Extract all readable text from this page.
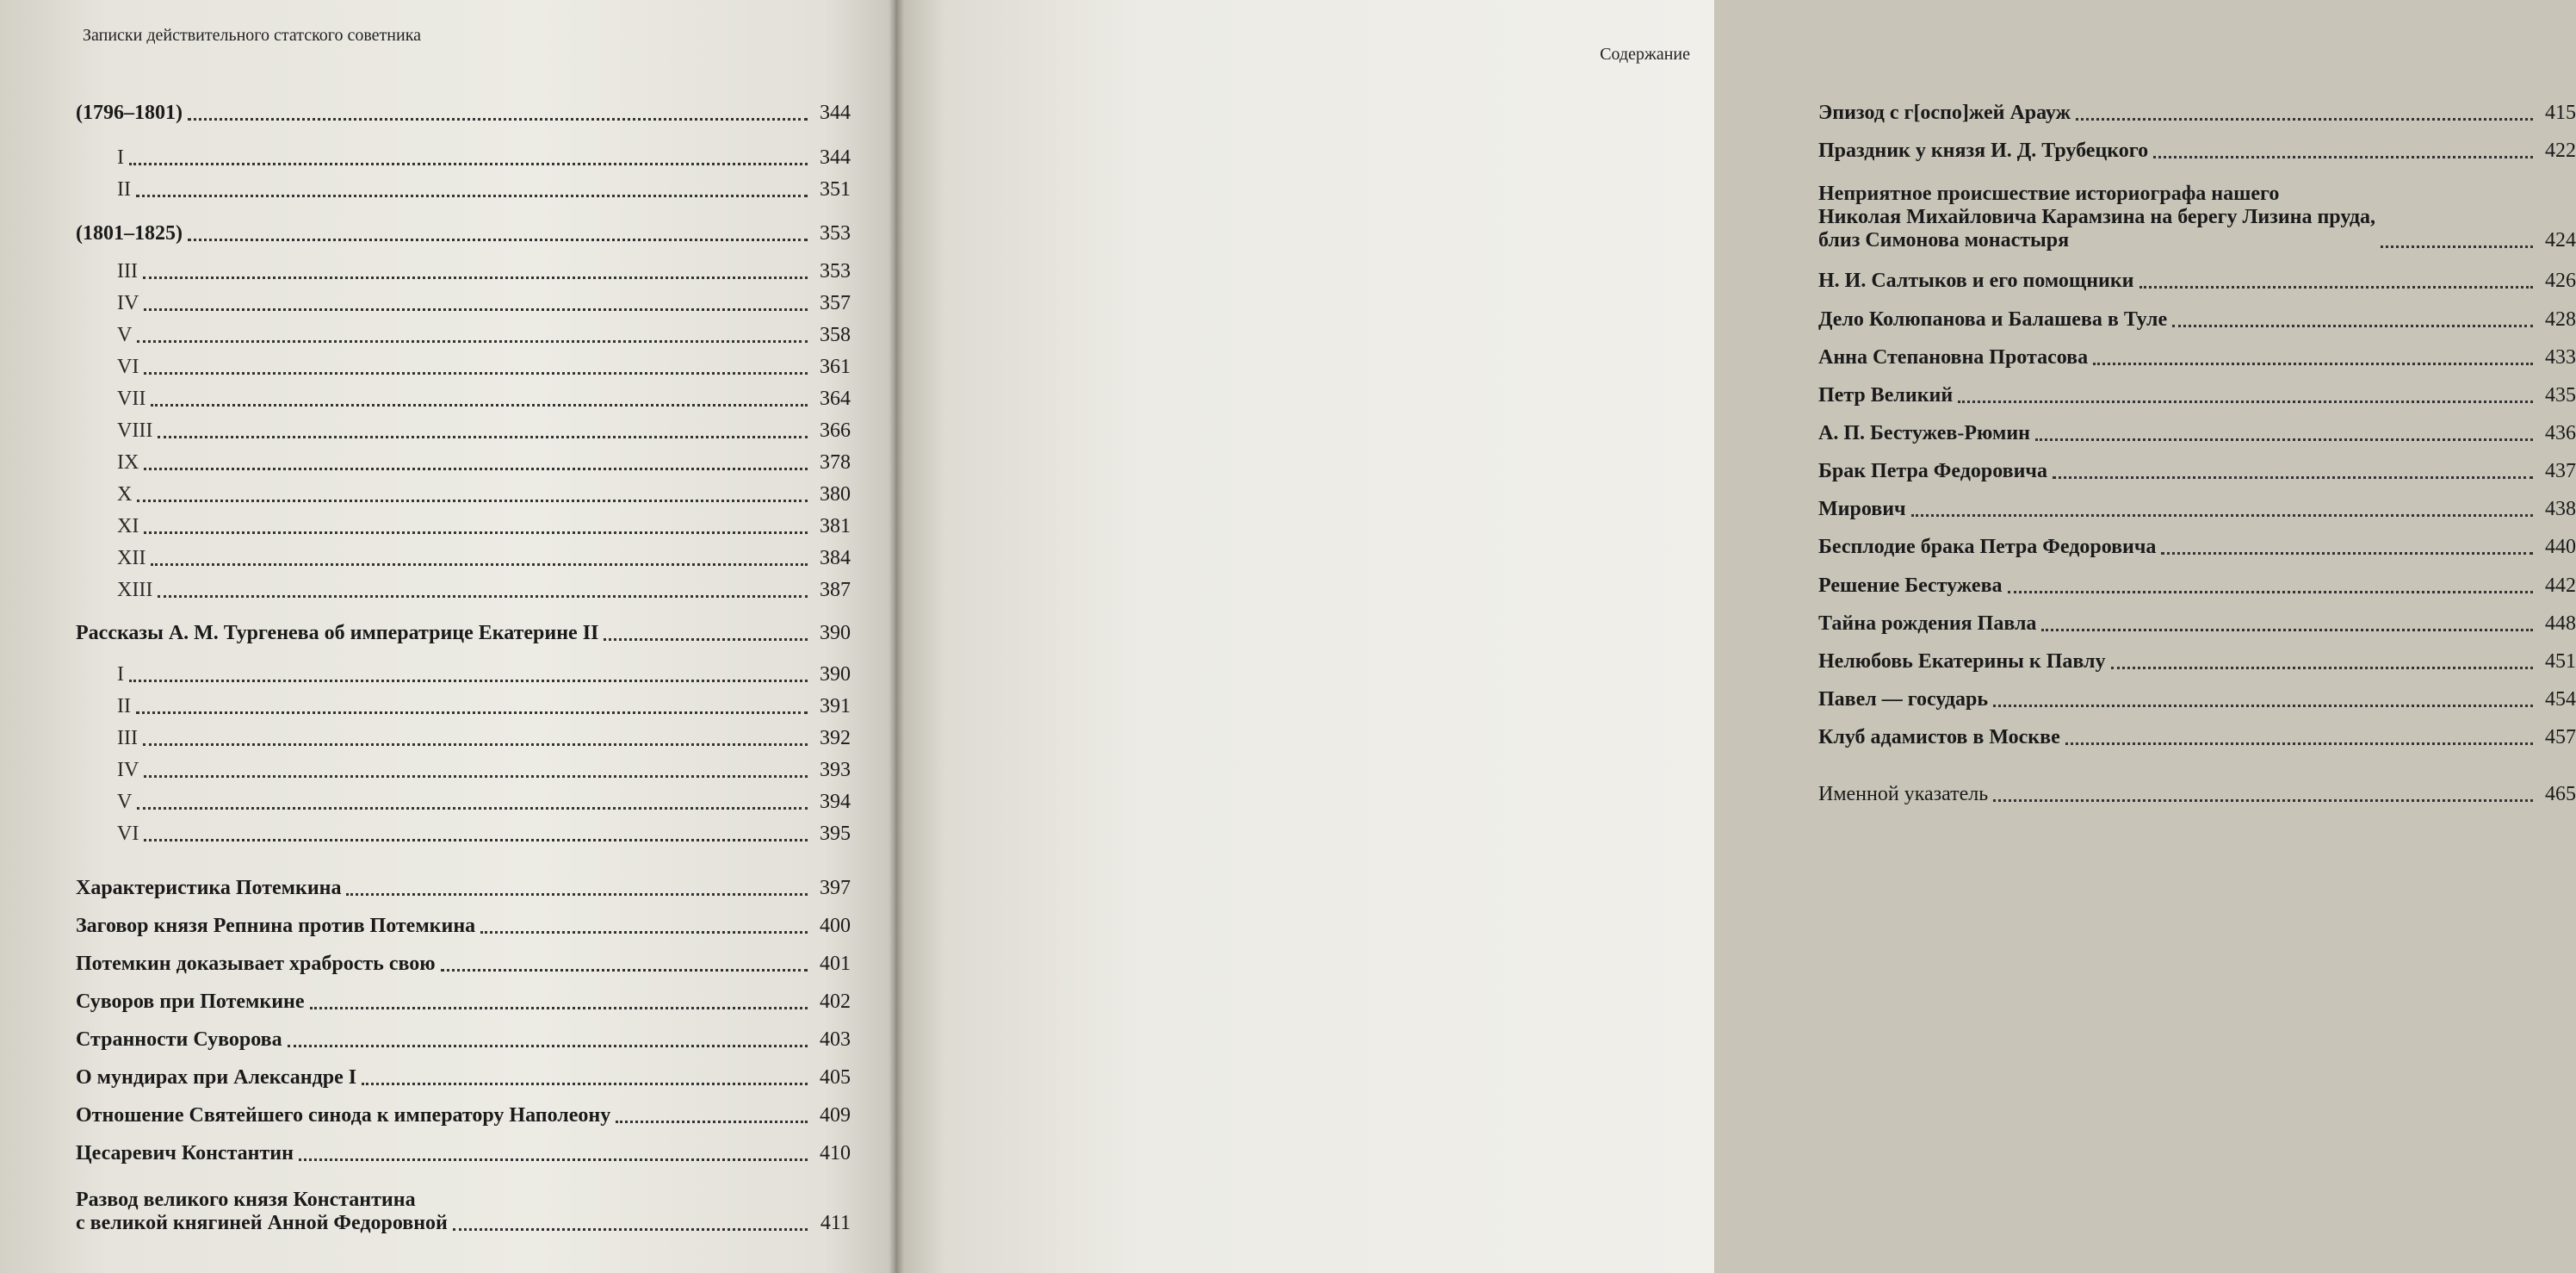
Записки действительного статского советника
(1796–1801)	344
I	344
II	351
(1801–1825)	353
III	353
IV	357
V	358
VI	361
VII	364
VIII	366
IX	378
X	380
XI	381
XII	384
XIII	387
Рассказы А. М. Тургенева об императрице Екатерине II	390
I	390
II	391
III	392
IV	393
V	394
VI	395
Характеристика Потемкина	397
Заговор князя Репнина против Потемкина	400
Потемкин доказывает храбрость свою	401
Суворов при Потемкине	402
Странности Суворова	403
О мундирах при Александре I	405
Отношение Святейшего синода к императору Наполеону	409
Цесаревич Константин	410
Развод великого князя Константина
с великой княгиней Анной Федоровной	411
Содержание
Эпизод с г[оспо]жей Арауж	415
Праздник у князя И. Д. Трубецкого	422
Неприятное происшествие историографа нашего
Николая Михайловича Карамзина на берегу Лизина пруда,
близ Симонова монастыря	424
Н. И. Салтыков и его помощники	426
Дело Колюпанова и Балашева в Туле	428
Анна Степановна Протасова	433
Петр Великий	435
А. П. Бестужев-Рюмин	436
Брак Петра Федоровича	437
Мирович	438
Бесплодие брака Петра Федоровича	440
Решение Бестужева	442
Тайна рождения Павла	448
Нелюбовь Екатерины к Павлу	451
Павел — государь	454
Клуб адамистов в Москве	457
Именной указатель	465
